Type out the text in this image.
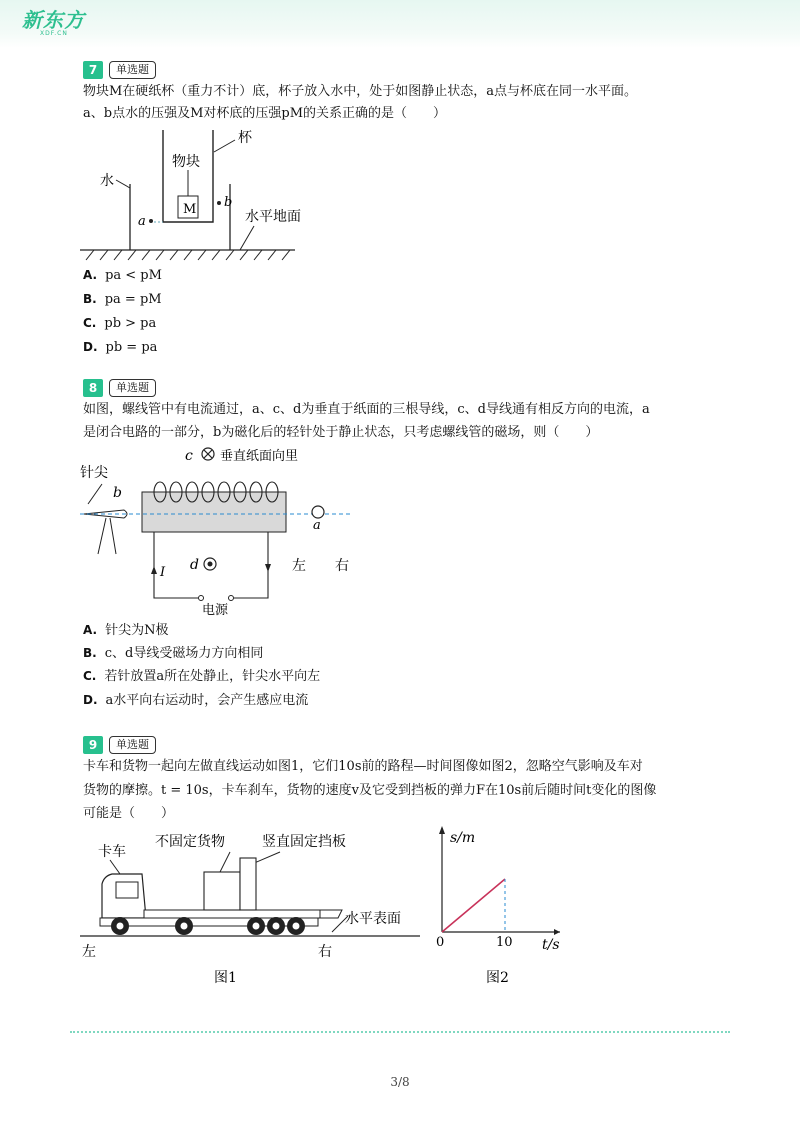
新东方
XDF.CN
7	单选题
物块M在硬纸杯（重力不计）底，杯子放入水中，处于如图静止状态，a点与杯底在同一水平面。
a、b点水的压强及M对杯底的压强pM的关系正确的是（　　）
M
物块
杯
水
a
b
水平地面
A. pa < pM
B. pa = pM
C. pb > pa
D. pb = pa
8	单选题
如图，螺线管中有电流通过，a、c、d为垂直于纸面的三根导线，c、d导线通有相反方向的电流，a
是闭合电路的一部分，b为磁化后的轻针处于静止状态，只考虑螺线管的磁场，则（　　）
c 垂直纸面向里
针尖
b
I d
电源
a
左 右
A. 针尖为N极
B. c、d导线受磁场力方向相同
C. 若针放置a所在处静止，针尖水平向左
D. a水平向右运动时，会产生感应电流
9	单选题
卡车和货物一起向左做直线运动如图1，它们10s前的路程—时间图像如图2，忽略空气影响及车对
货物的摩擦。t = 10s，卡车刹车，货物的速度v及它受到挡板的弹力F在10s前后随时间t变化的图像
可能是（　　）
卡车
不固定货物	竖直固定挡板
水平表面
左	右
图1
s/m
t/s
0	10
图2
3/8
